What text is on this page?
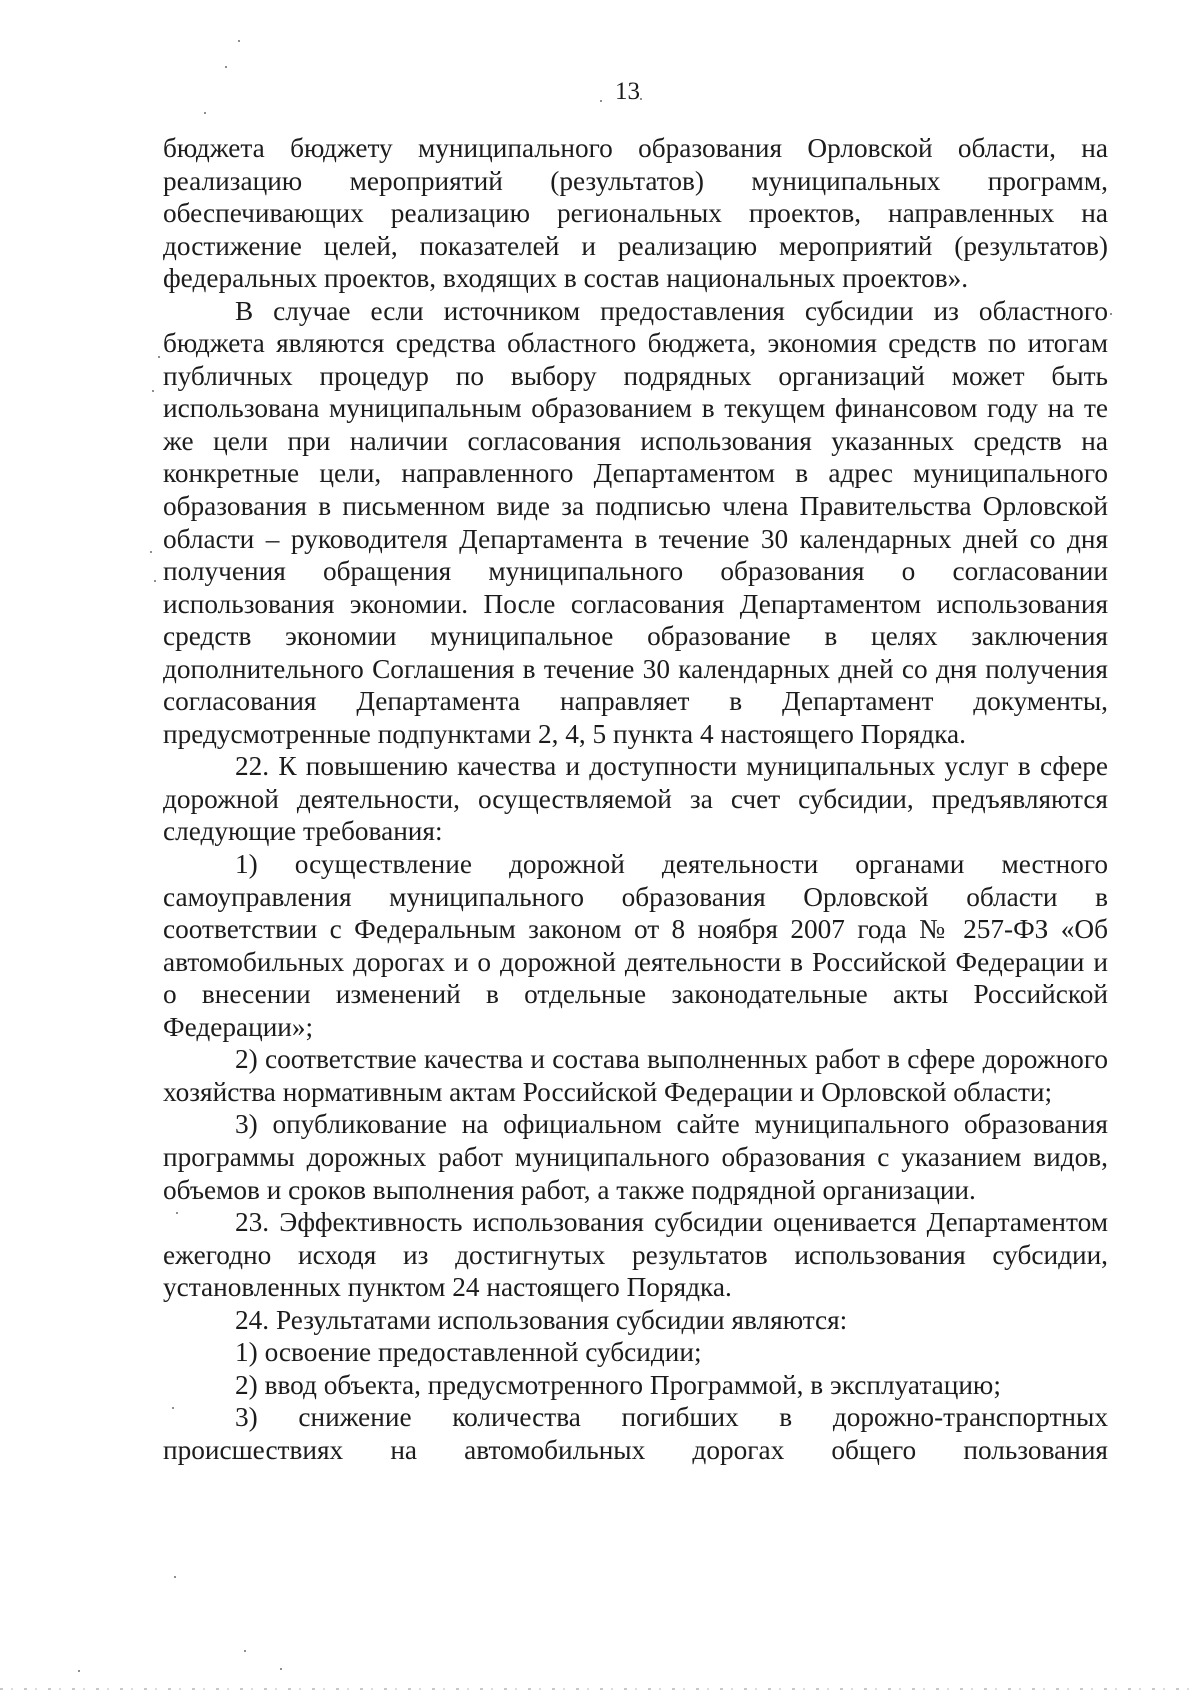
13

бюджета бюджету муниципального образования Орловской области, на реализацию мероприятий (результатов) муниципальных программ, обеспечивающих реализацию региональных проектов, направленных на достижение целей, показателей и реализацию мероприятий (результатов) федеральных проектов, входящих в состав национальных проектов».

В случае если источником предоставления субсидии из областного бюджета являются средства областного бюджета, экономия средств по итогам публичных процедур по выбору подрядных организаций может быть использована муниципальным образованием в текущем финансовом году на те же цели при наличии согласования использования указанных средств на конкретные цели, направленного Департаментом в адрес муниципального образования в письменном виде за подписью члена Правительства Орловской области – руководителя Департамента в течение 30 календарных дней со дня получения обращения муниципального образования о согласовании использования экономии. После согласования Департаментом использования средств экономии муниципальное образование в целях заключения дополнительного Соглашения в течение 30 календарных дней со дня получения согласования Департамента направляет в Департамент документы, предусмотренные подпунктами 2, 4, 5 пункта 4 настоящего Порядка.

22. К повышению качества и доступности муниципальных услуг в сфере дорожной деятельности, осуществляемой за счет субсидии, предъявляются следующие требования:

1) осуществление дорожной деятельности органами местного самоуправления муниципального образования Орловской области в соответствии с Федеральным законом от 8 ноября 2007 года № 257-ФЗ «Об автомобильных дорогах и о дорожной деятельности в Российской Федерации и о внесении изменений в отдельные законодательные акты Российской Федерации»;

2) соответствие качества и состава выполненных работ в сфере дорожного хозяйства нормативным актам Российской Федерации и Орловской области;

3) опубликование на официальном сайте муниципального образования программы дорожных работ муниципального образования с указанием видов, объемов и сроков выполнения работ, а также подрядной организации.

23. Эффективность использования субсидии оценивается Департаментом ежегодно исходя из достигнутых результатов использования субсидии, установленных пунктом 24 настоящего Порядка.

24. Результатами использования субсидии являются:

1) освоение предоставленной субсидии;

2) ввод объекта, предусмотренного Программой, в эксплуатацию;

3) снижение количества погибших в дорожно-транспортных происшествиях на автомобильных дорогах общего пользования
